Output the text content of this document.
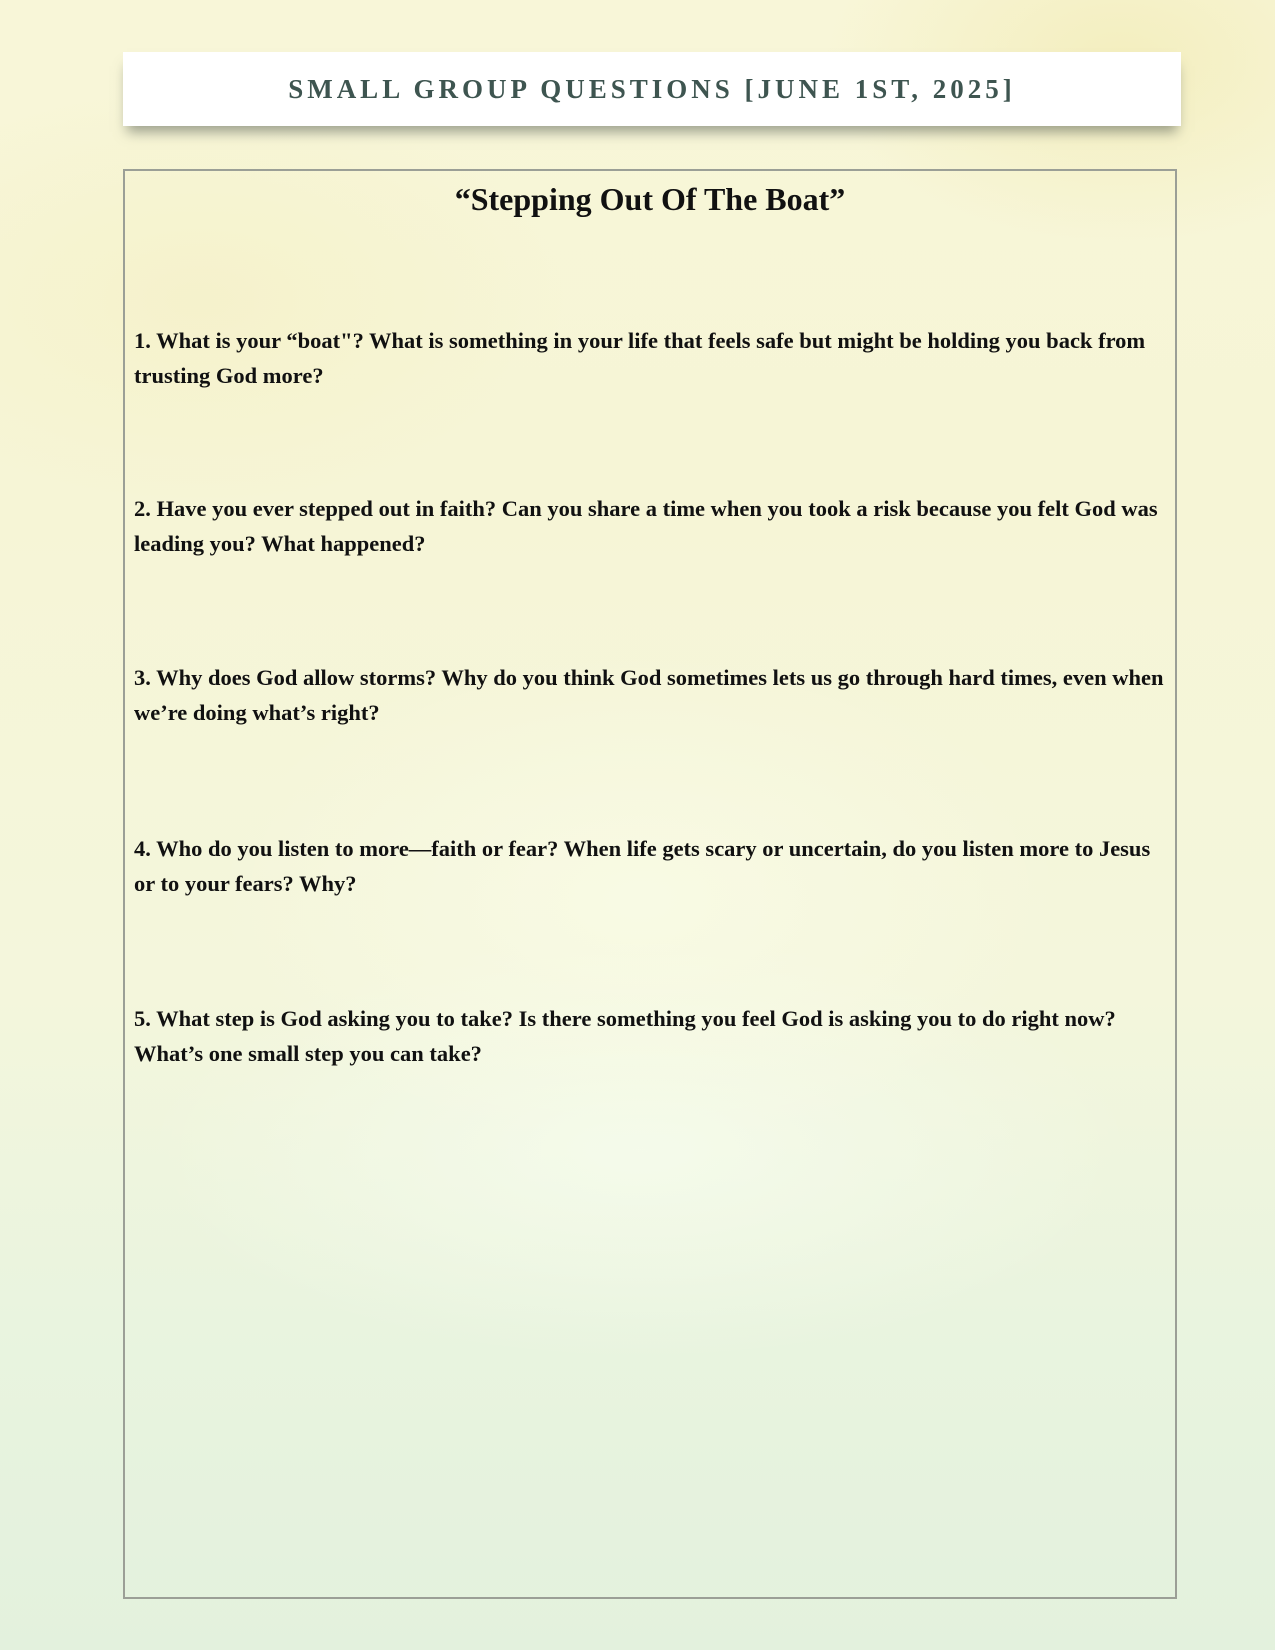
SMALL GROUP QUESTIONS [JUNE 1ST, 2025]
“Stepping Out Of The Boat”
1. What is your “boat"? What is something in your life that feels safe but might be holding you back from trusting God more?
2. Have you ever stepped out in faith? Can you share a time when you took a risk because you felt God was leading you? What happened?
3. Why does God allow storms? Why do you think God sometimes lets us go through hard times, even when we’re doing what’s right?
4. Who do you listen to more—faith or fear? When life gets scary or uncertain, do you listen more to Jesus or to your fears? Why?
5. What step is God asking you to take? Is there something you feel God is asking you to do right now? What’s one small step you can take?
